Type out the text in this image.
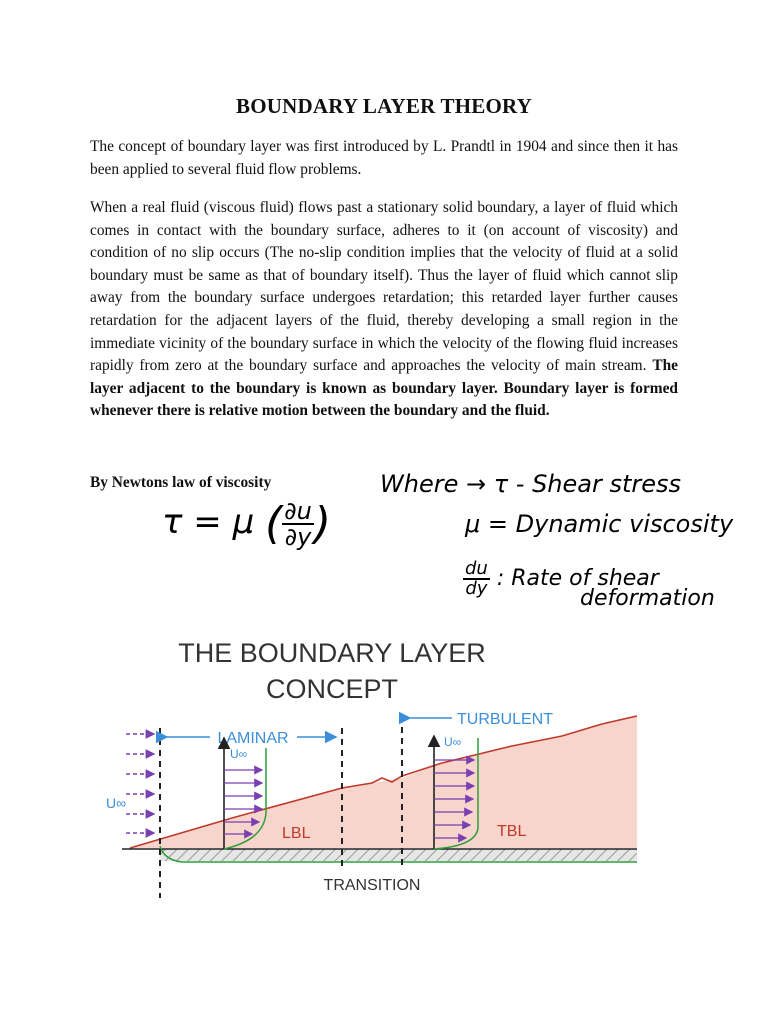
BOUNDARY LAYER THEORY

The concept of boundary layer was first introduced by L. Prandtl in 1904 and since then it has been applied to several fluid flow problems.

When a real fluid (viscous fluid) flows past a stationary solid boundary, a layer of fluid which comes in contact with the boundary surface, adheres to it (on account of viscosity) and condition of no slip occurs (The no-slip condition implies that the velocity of fluid at a solid boundary must be same as that of boundary itself). Thus the layer of fluid which cannot slip away from the boundary surface undergoes retardation; this retarded layer further causes retardation for the adjacent layers of the fluid, thereby developing a small region in the immediate vicinity of the boundary surface in which the velocity of the flowing fluid increases rapidly from zero at the boundary surface and approaches the velocity of main stream. The layer adjacent to the boundary is known as boundary layer. Boundary layer is formed whenever there is relative motion between the boundary and the fluid.

By Newtons law of viscosity
τ = μ ( $\frac{\partial u}{\partial y}$ )
Where → τ - Shear stress
μ = Dynamic viscosity
$\frac{du}{dy}$ : Rate of shear
deformation
THE BOUNDARY LAYER
CONCEPT
LAMINAR
TURBULENT
U∞
U∞
U∞
LBL	TBL
TRANSITION
